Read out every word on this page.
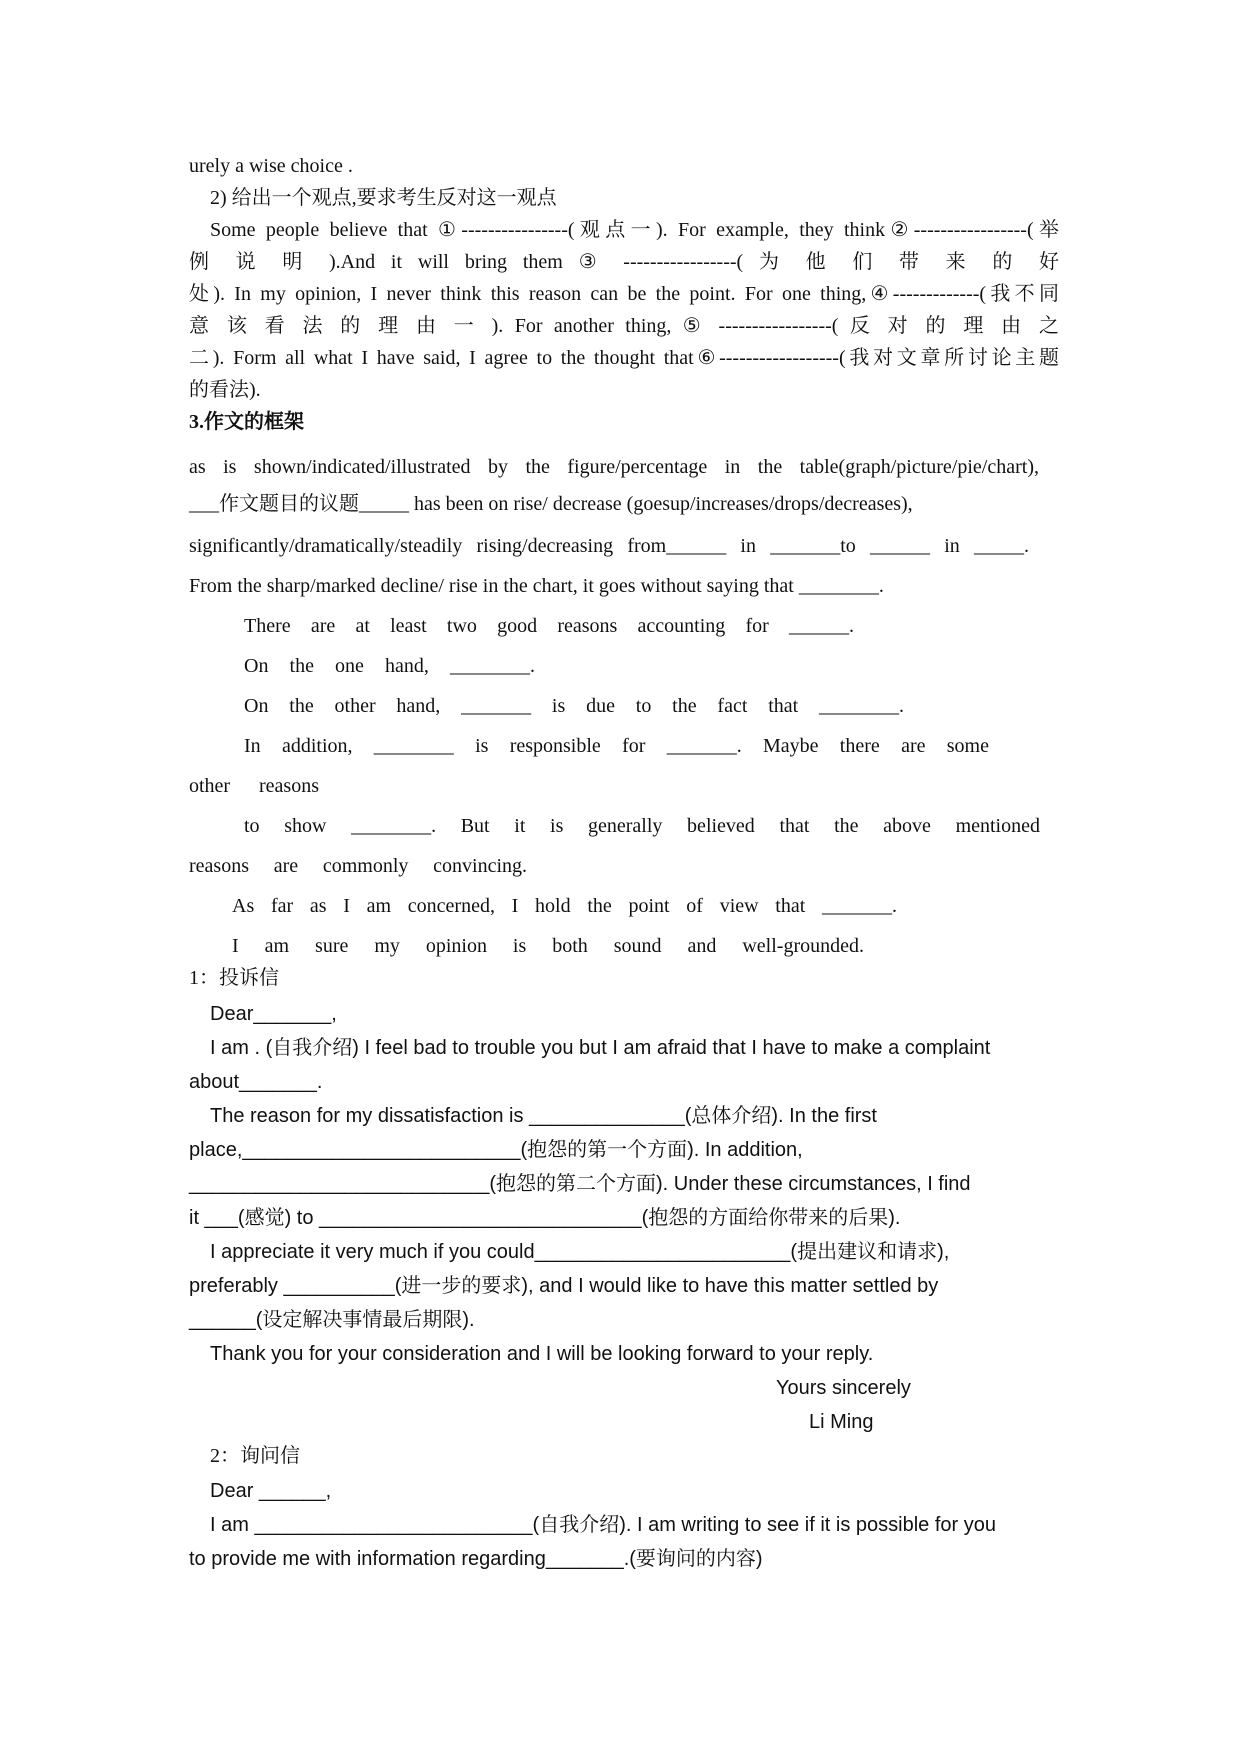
urely a wise choice .
2) 给出一个观点,要求考生反对这一观点
Some people believe that ①----------------(观点一). For example, they think②-----------------(举
例 说 明 ).And it will bring them ③ -----------------( 为 他 们 带 来 的 好
处). In my opinion, I never think this reason can be the point. For one thing,④-------------(我不同
意 该 看 法 的 理 由 一 ). For another thing, ⑤ -----------------( 反 对 的 理 由 之
二). Form all what I have said, I agree to the thought that⑥------------------(我对文章所讨论主题
的看法).
3.作文的框架
as is shown/indicated/illustrated by the figure/percentage in the table(graph/picture/pie/chart),
___作文题目的议题_____ has been on rise/ decrease (goesup/increases/drops/decreases),
significantly/dramatically/steadily rising/decreasing from______ in _______to ______ in _____.
From the sharp/marked decline/ rise in the chart, it goes without saying that ________.
There are at least two good reasons accounting for ______.
On the one hand, ________.
On the other hand, _______ is due to the fact that ________.
In addition, ________ is responsible for _______. Maybe there are some
other reasons
to show ________. But it is generally believed that the above mentioned
reasons are commonly convincing.
As far as I am concerned, I hold the point of view that _______.
I am sure my opinion is both sound and well-grounded.
1：投诉信
Dear_______,
I am . (自我介绍) I feel bad to trouble you but I am afraid that I have to make a complaint
about_______.
The reason for my dissatisfaction is ______________(总体介绍). In the first
place,_________________________(抱怨的第一个方面). In addition,
___________________________(抱怨的第二个方面). Under these circumstances, I find
it ___(感觉) to _____________________________(抱怨的方面给你带来的后果).
I appreciate it very much if you could_______________________(提出建议和请求),
preferably __________(进一步的要求), and I would like to have this matter settled by
______(设定解决事情最后期限).
Thank you for your consideration and I will be looking forward to your reply.
Yours sincerely
Li Ming
2：询问信
Dear ______,
I am _________________________(自我介绍). I am writing to see if it is possible for you
to provide me with information regarding_______.(要询问的内容)
